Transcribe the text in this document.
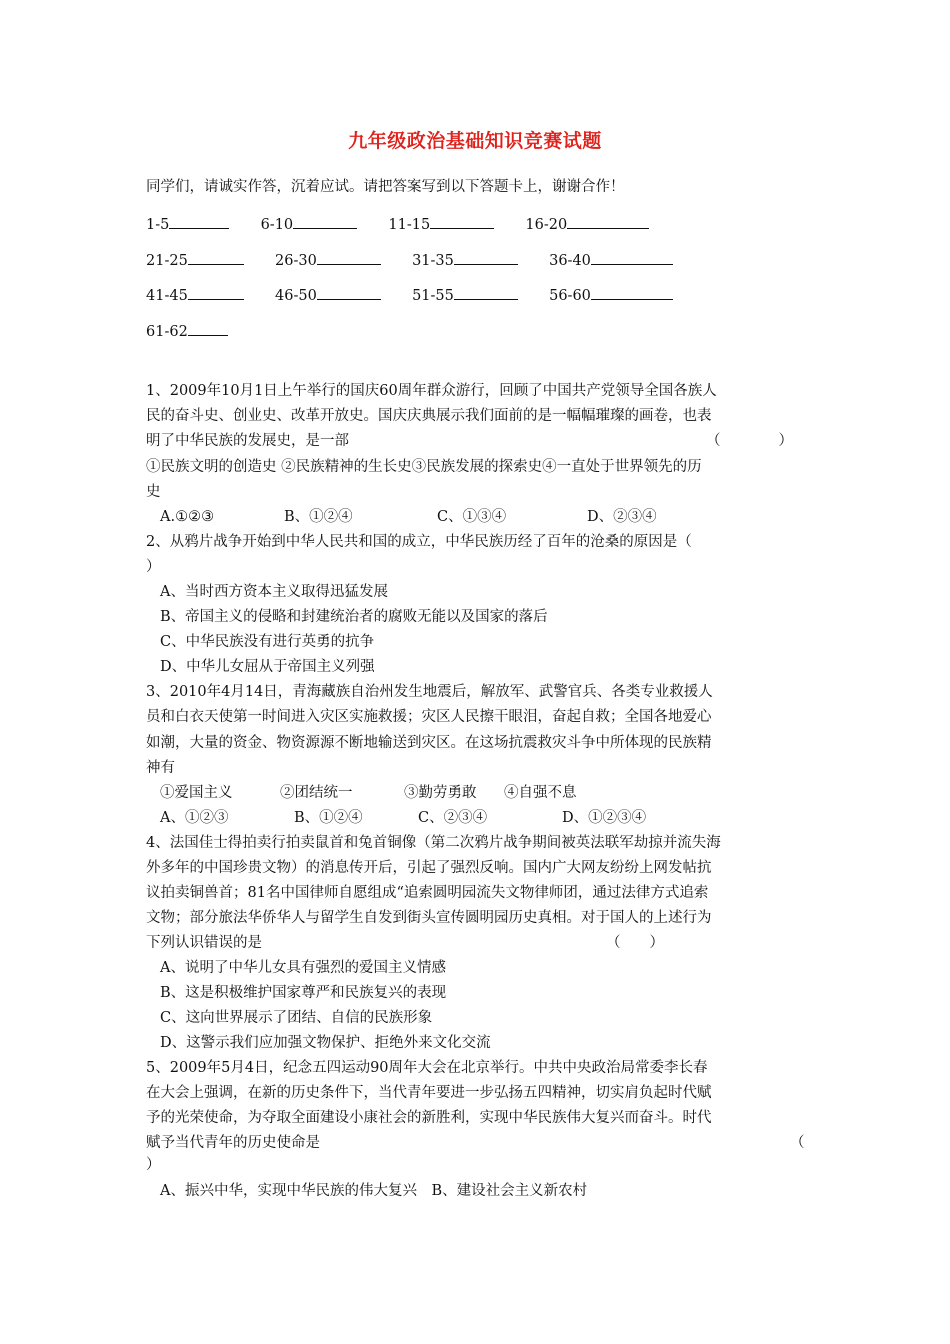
九年级政治基础知识竞赛试题
同学们，请诚实作答，沉着应试。请把答案写到以下答题卡上，谢谢合作！
1-5	6-10	11-15	16-20
21-25	26-30	31-35	36-40
41-45	46-50	51-55	56-60
61-62
1、2009年10月1日上午举行的国庆60周年群众游行，回顾了中国共产党领导全国各族人
民的奋斗史、创业史、改革开放史。国庆庆典展示我们面前的是一幅幅璀璨的画卷，也表
明了中华民族的发展史，是一部	（　　　　）
①民族文明的创造史 ②民族精神的生长史③民族发展的探索史④一直处于世界领先的历
史
A.①②③	B、①②④	C、①③④	D、②③④
2、从鸦片战争开始到中华人民共和国的成立，中华民族历经了百年的沧桑的原因是（
）
A、当时西方资本主义取得迅猛发展
B、帝国主义的侵略和封建统治者的腐败无能以及国家的落后
C、中华民族没有进行英勇的抗争
D、中华儿女屈从于帝国主义列强
3、2010年4月14日，青海藏族自治州发生地震后，解放军、武警官兵、各类专业救援人
员和白衣天使第一时间进入灾区实施救援；灾区人民擦干眼泪，奋起自救；全国各地爱心
如潮，大量的资金、物资源源不断地输送到灾区。在这场抗震救灾斗争中所体现的民族精
神有
①爱国主义	②团结统一	③勤劳勇敢 ④自强不息
A、①②③	B、①②④	C、②③④	D、①②③④
4、法国佳士得拍卖行拍卖鼠首和兔首铜像（第二次鸦片战争期间被英法联军劫掠并流失海
外多年的中国珍贵文物）的消息传开后，引起了强烈反响。国内广大网友纷纷上网发帖抗
议拍卖铜兽首；81名中国律师自愿组成“追索圆明园流失文物律师团，通过法律方式追索
文物；部分旅法华侨华人与留学生自发到街头宣传圆明园历史真相。对于国人的上述行为
下列认识错误的是	（　　）
A、说明了中华儿女具有强烈的爱国主义情感
B、这是积极维护国家尊严和民族复兴的表现
C、这向世界展示了团结、自信的民族形象
D、这警示我们应加强文物保护、拒绝外来文化交流
5、2009年5月4日，纪念五四运动90周年大会在北京举行。中共中央政治局常委李长春
在大会上强调，在新的历史条件下，当代青年要进一步弘扬五四精神，切实肩负起时代赋
予的光荣使命，为夺取全面建设小康社会的新胜利，实现中华民族伟大复兴而奋斗。时代
赋予当代青年的历史使命是	（
）
A、振兴中华，实现中华民族的伟大复兴　B、建设社会主义新农村
